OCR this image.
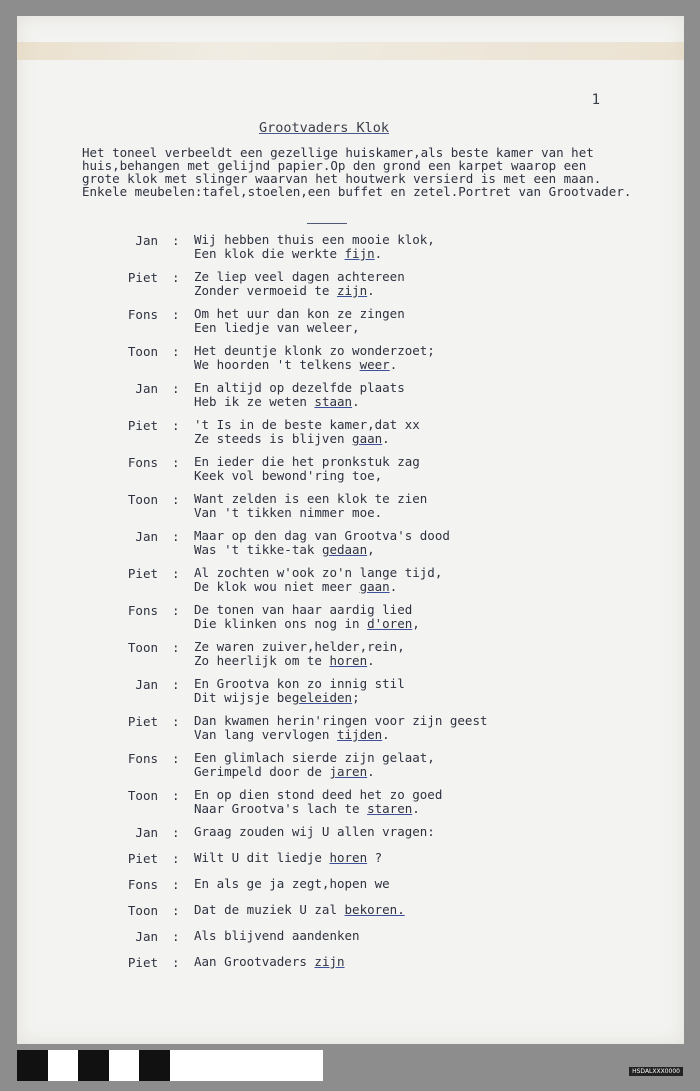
1
Grootvaders Klok
Het toneel verbeeldt een gezellige huiskamer,als beste kamer van het
huis,behangen met gelijnd papier.Op den grond een karpet waarop een
grote klok met slinger waarvan het houtwerk versierd is met een maan.
Enkele meubelen:tafel,stoelen,een buffet en zetel.Portret van Grootvader.
Jan : Wij hebben thuis een mooie klok,
Een klok die werkte fijn.
Piet : Ze liep veel dagen achtereen
Zonder vermoeid te zijn.
Fons : Om het uur dan kon ze zingen
Een liedje van weleer,
Toon : Het deuntje klonk zo wonderzoet;
We hoorden 't telkens weer.
Jan : En altijd op dezelfde plaats
Heb ik ze weten staan.
Piet : 't Is in de beste kamer,dat xx
Ze steeds is blijven gaan.
Fons : En ieder die het pronkstuk zag
Keek vol bewond'ring toe,
Toon : Want zelden is een klok te zien
Van 't tikken nimmer moe.
Jan : Maar op den dag van Grootva's dood
Was 't tikke-tak gedaan,
Piet : Al zochten w'ook zo'n lange tijd,
De klok wou niet meer gaan.
Fons : De tonen van haar aardig lied
Die klinken ons nog in d'oren,
Toon : Ze waren zuiver,helder,rein,
Zo heerlijk om te horen.
Jan : En Grootva kon zo innig stil
Dit wijsje begeleiden;
Piet : Dan kwamen herin'ringen voor zijn geest
Van lang vervlogen tijden.
Fons : Een glimlach sierde zijn gelaat,
Gerimpeld door de jaren.
Toon : En op dien stond deed het zo goed
Naar Grootva's lach te staren.
Jan : Graag zouden wij U allen vragen:
Piet : Wilt U dit liedje horen ?
Fons : En als ge ja zegt,hopen we
Toon : Dat de muziek U zal bekoren.
Jan : Als blijvend aandenken
Piet : Aan Grootvaders zijn
HSDALXXX0000
